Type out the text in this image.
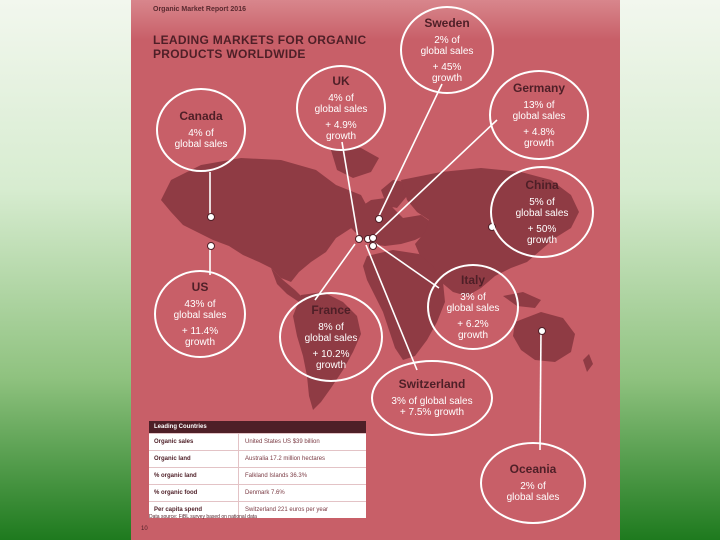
Organic Market Report 2016
LEADING MARKETS FOR ORGANIC PRODUCTS WORLDWIDE
Sweden
2% of
global sales
+ 45%
growth
UK
4% of
global sales
+ 4.9%
growth
Canada
4% of
global sales
Germany
13% of
global sales
+ 4.8%
growth
China
5% of
global sales
+ 50%
growth
US
43% of
global sales
+ 11.4%
growth
France
8% of
global sales
+ 10.2%
growth
Italy
3% of
global sales
+ 6.2%
growth
Switzerland
3% of global sales
+ 7.5% growth
Oceania
2% of
global sales
Leading Countries
Organic sales	United States US $39 billion
Organic land	Australia 17.2 million hectares
% organic land	Falkland Islands 36.3%
% organic food	Denmark 7.6%
Per capita spend	Switzerland 221 euros per year
Data source: FiBL survey based on national data
10
